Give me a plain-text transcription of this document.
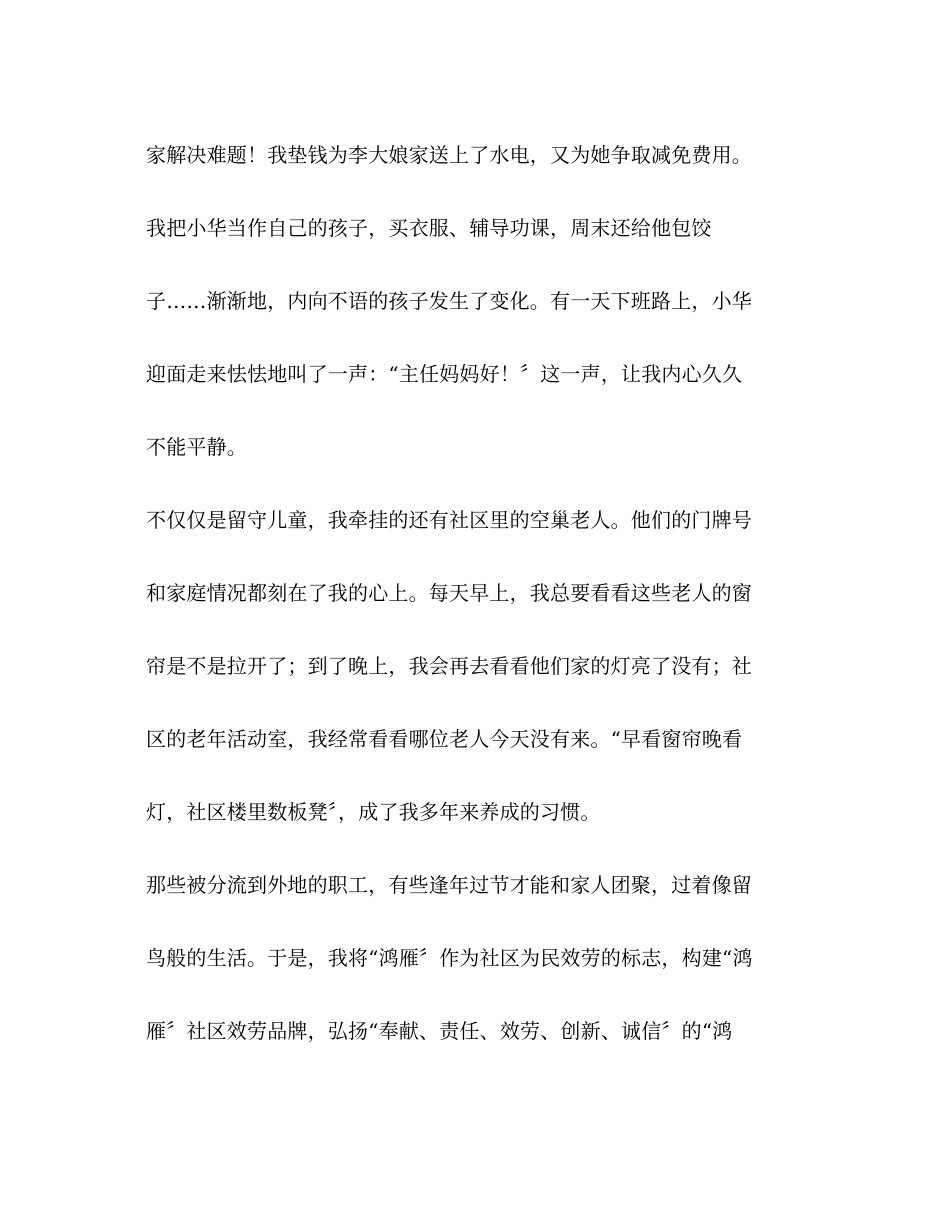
家解决难题！我垫钱为李大娘家送上了水电，又为她争取减免费用。
我把小华当作自己的孩子，买衣服、辅导功课，周末还给他包饺
子……渐渐地，内向不语的孩子发生了变化。有一天下班路上，小华
迎面走来怯怯地叫了一声：“主任妈妈好！〞这一声，让我内心久久
不能平静。
不仅仅是留守儿童，我牵挂的还有社区里的空巢老人。他们的门牌号
和家庭情况都刻在了我的心上。每天早上，我总要看看这些老人的窗
帘是不是拉开了；到了晚上，我会再去看看他们家的灯亮了没有；社
区的老年活动室，我经常看看哪位老人今天没有来。“早看窗帘晚看
灯，社区楼里数板凳〞，成了我多年来养成的习惯。
那些被分流到外地的职工，有些逢年过节才能和家人团聚，过着像留
鸟般的生活。于是，我将“鸿雁〞作为社区为民效劳的标志，构建“鸿
雁〞社区效劳品牌，弘扬“奉献、责任、效劳、创新、诚信〞的“鸿
